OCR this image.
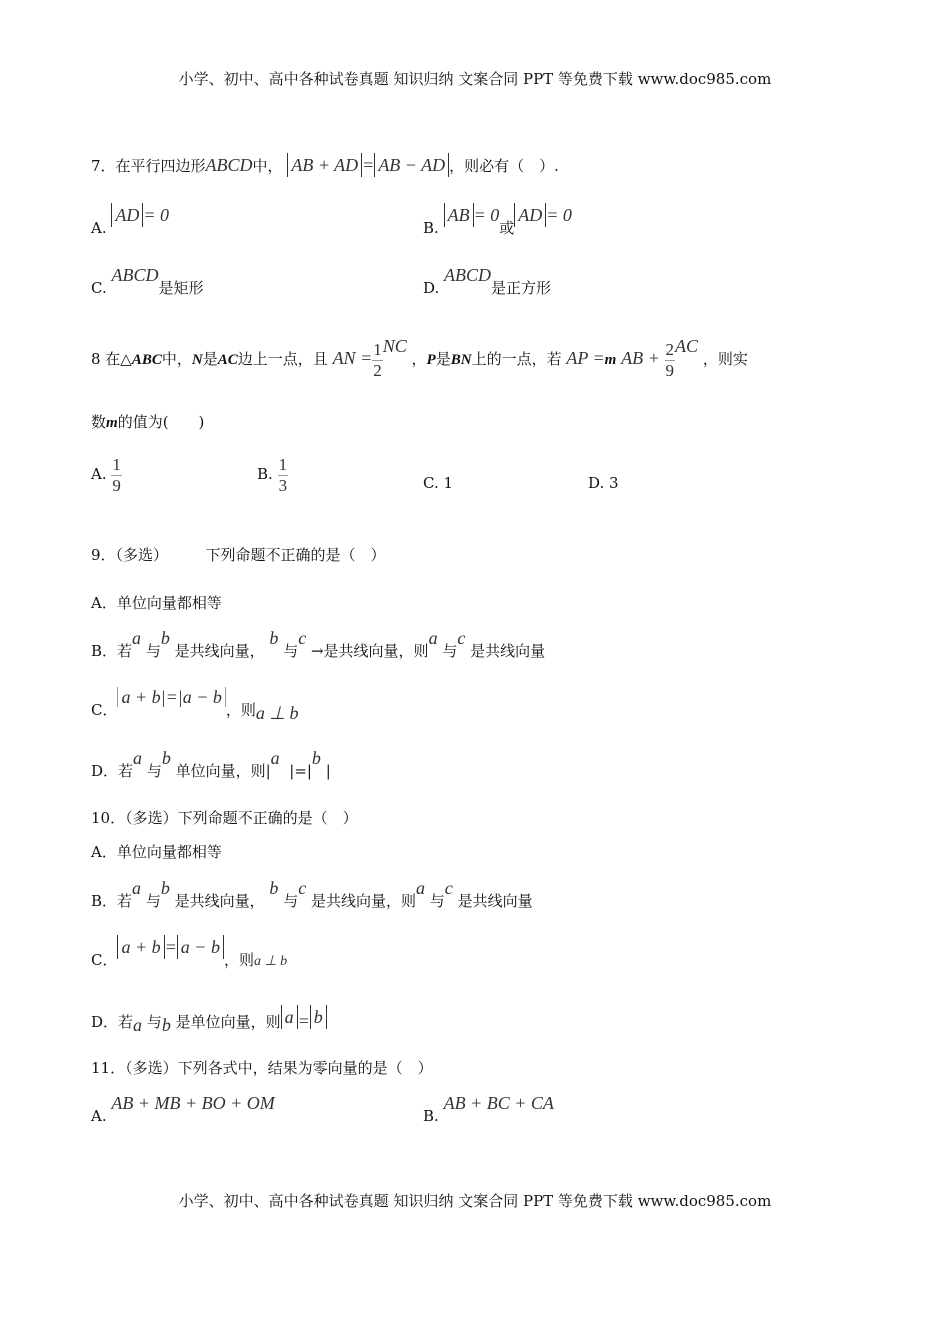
小学、初中、高中各种试卷真题 知识归纳 文案合同 PPT 等免费下载 www.doc985.com
7．在平行四边形ABCD中， AB + AD = AB − AD ，则必有（　）.
A. AD = 0
B. AB = 0或AD = 0
C. ABCD是矩形	D. ABCD是正方形
8 在△ABC中，N是AC边上一点，且 AN = $\frac{1}{2}$ NC ，P是BN上的一点，若 AP =m AB + $\frac{2}{9}$ AC ，则实
数m的值为(　　)
A. $\frac{1}{9}$	B. $\frac{1}{3}$	C. 1	D. 3
9．（多选）　　　下列命题不正确的是（　）
A．单位向量都相等
B．若a 与b 是共线向量， b 与c →是共线向量，则a 与c 是共线向量
C．a + b|=|a − b，则a ⊥ b
D．若a 与b 单位向量，则|a  |=|b |
10．（多选）下列命题不正确的是（　）
A．单位向量都相等
B．若a 与b 是共线向量， b 与c 是共线向量，则a 与c 是共线向量
C．a + b = a − b，则a ⊥ b
D．若a 与b 是单位向量，则 a = b
11．（多选）下列各式中，结果为零向量的是（　）
A. AB + MB + BO + OM
B. AB + BC + CA
小学、初中、高中各种试卷真题 知识归纳 文案合同 PPT 等免费下载 www.doc985.com
